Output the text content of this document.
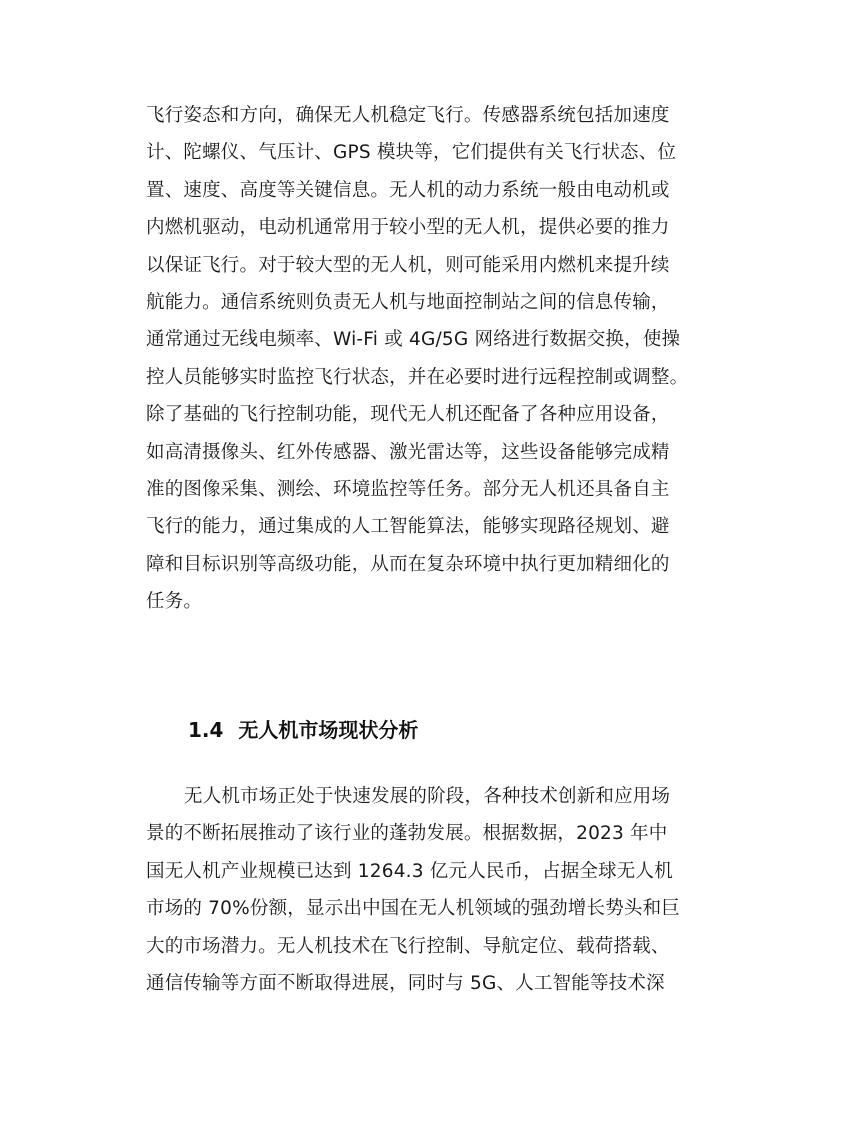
飞行姿态和方向，确保无人机稳定飞行。传感器系统包括加速度
计、陀螺仪、气压计、GPS 模块等，它们提供有关飞行状态、位
置、速度、高度等关键信息。无人机的动力系统一般由电动机或
内燃机驱动，电动机通常用于较小型的无人机，提供必要的推力
以保证飞行。对于较大型的无人机，则可能采用内燃机来提升续
航能力。通信系统则负责无人机与地面控制站之间的信息传输，
通常通过无线电频率、Wi-Fi 或 4G/5G 网络进行数据交换，使操
控人员能够实时监控飞行状态，并在必要时进行远程控制或调整。
除了基础的飞行控制功能，现代无人机还配备了各种应用设备，
如高清摄像头、红外传感器、激光雷达等，这些设备能够完成精
准的图像采集、测绘、环境监控等任务。部分无人机还具备自主
飞行的能力，通过集成的人工智能算法，能够实现路径规划、避
障和目标识别等高级功能，从而在复杂环境中执行更加精细化的
任务。
1.4 无人机市场现状分析
无人机市场正处于快速发展的阶段，各种技术创新和应用场
景的不断拓展推动了该行业的蓬勃发展。根据数据，2023 年中
国无人机产业规模已达到 1264.3 亿元人民币，占据全球无人机
市场的 70%份额，显示出中国在无人机领域的强劲增长势头和巨
大的市场潜力。无人机技术在飞行控制、导航定位、载荷搭载、
通信传输等方面不断取得进展，同时与 5G、人工智能等技术深
